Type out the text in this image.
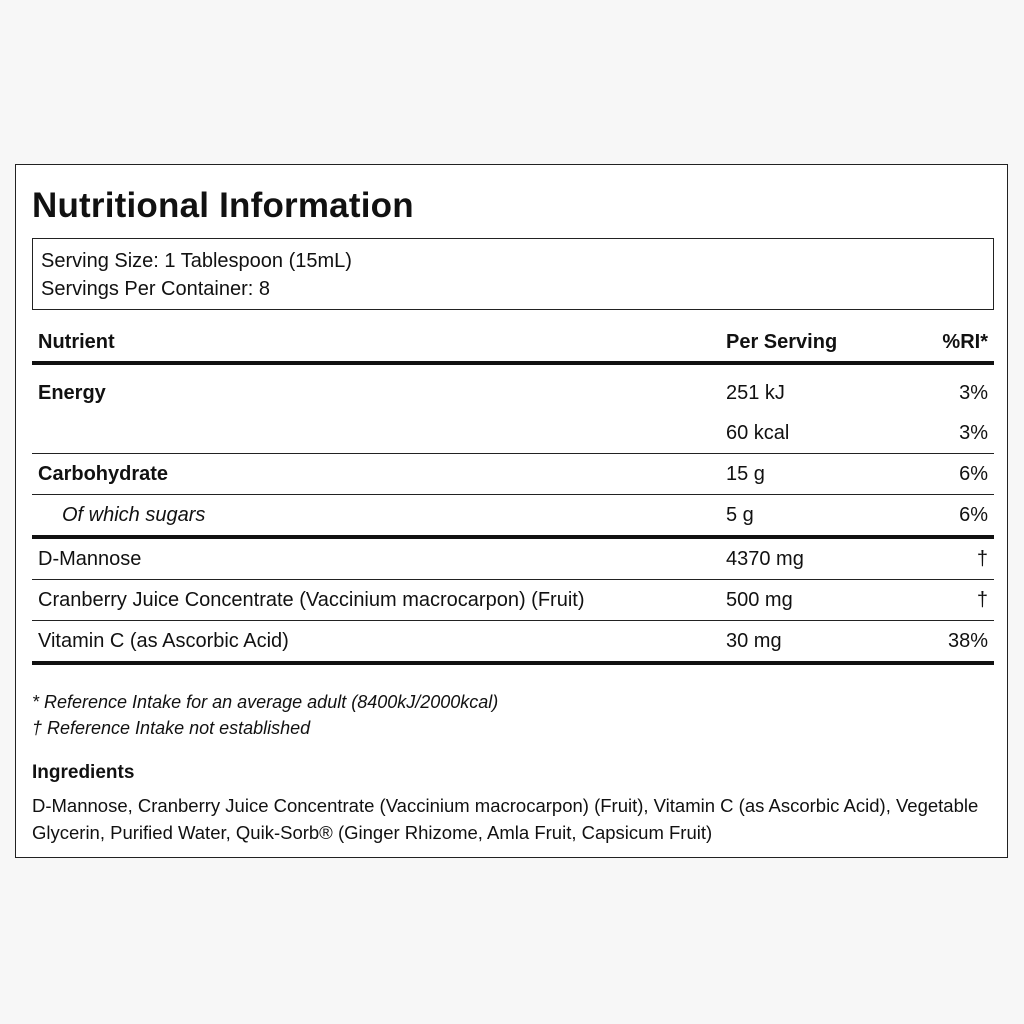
Nutritional Information
Serving Size: 1 Tablespoon (15mL)
Servings Per Container: 8
Nutrient	Per Serving	%RI*
Energy	251 kJ	3%
	60 kcal	3%
Carbohydrate	15 g	6%
Of which sugars	5 g	6%
D-Mannose	4370 mg	†
Cranberry Juice Concentrate (Vaccinium macrocarpon) (Fruit)	500 mg	†
Vitamin C (as Ascorbic Acid)	30 mg	38%
* Reference Intake for an average adult (8400kJ/2000kcal)
† Reference Intake not established
Ingredients
D-Mannose, Cranberry Juice Concentrate (Vaccinium macrocarpon) (Fruit), Vitamin C (as Ascorbic Acid), Vegetable Glycerin, Purified Water, Quik-Sorb® (Ginger Rhizome, Amla Fruit, Capsicum Fruit)
